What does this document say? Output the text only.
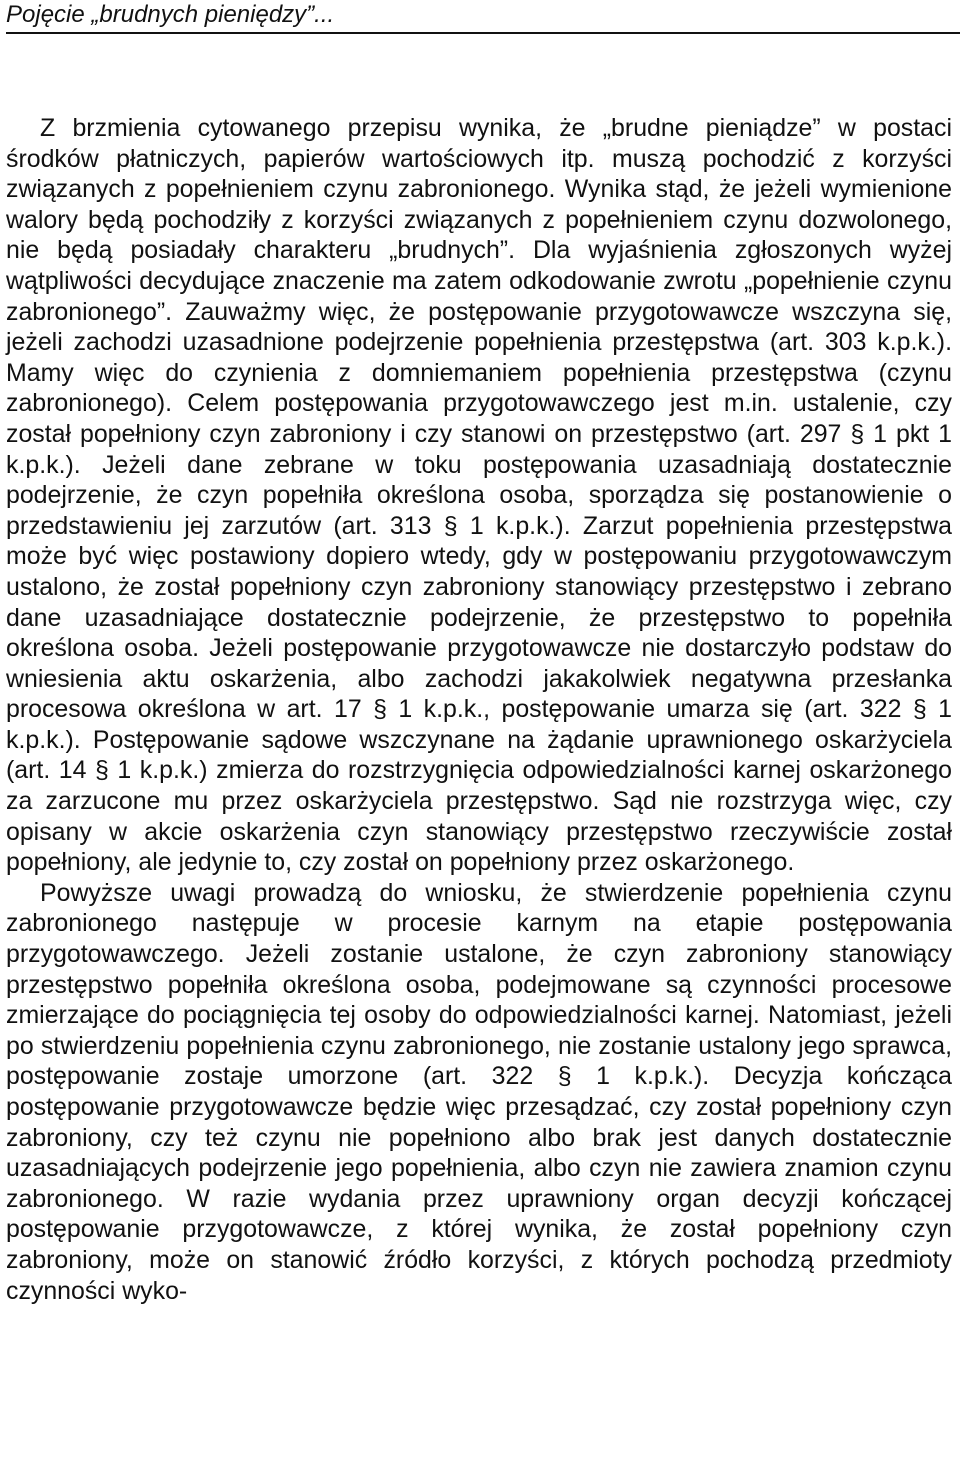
Pojęcie „brudnych pieniędzy”...

Z brzmienia cytowanego przepisu wynika, że „brudne pieniądze” w postaci środków płatniczych, papierów wartościowych itp. muszą pochodzić z korzyści związanych z popełnieniem czynu zabronionego. Wynika stąd, że jeżeli wymienione walory będą pochodziły z korzyści związanych z popełnieniem czynu dozwolonego, nie będą posiadały charakteru „brudnych”. Dla wyjaśnienia zgłoszonych wyżej wątpliwości decydujące znaczenie ma zatem odkodowanie zwrotu „popełnienie czynu zabronionego”. Zauważmy więc, że postępowanie przygotowawcze wszczyna się, jeżeli zachodzi uzasadnione podejrzenie popełnienia przestępstwa (art. 303 k.p.k.). Mamy więc do czynienia z domniemaniem popełnienia przestępstwa (czynu zabronionego). Celem postępowania przygotowawczego jest m.in. ustalenie, czy został popełniony czyn zabroniony i czy stanowi on przestępstwo (art. 297 § 1 pkt 1 k.p.k.). Jeżeli dane zebrane w toku postępowania uzasadniają dostatecznie podejrzenie, że czyn popełniła określona osoba, sporządza się postanowienie o przedstawieniu jej zarzutów (art. 313 § 1 k.p.k.). Zarzut popełnienia przestępstwa może być więc postawiony dopiero wtedy, gdy w postępowaniu przygotowawczym ustalono, że został popełniony czyn zabroniony stanowiący przestępstwo i zebrano dane uzasadniające dostatecznie podejrzenie, że przestępstwo to popełniła określona osoba. Jeżeli postępowanie przygotowawcze nie dostarczyło podstaw do wniesienia aktu oskarżenia, albo zachodzi jakakolwiek negatywna przesłanka procesowa określona w art. 17 § 1 k.p.k., postępowanie umarza się (art. 322 § 1 k.p.k.). Postępowanie sądowe wszczynane na żądanie uprawnionego oskarżyciela (art. 14 § 1 k.p.k.) zmierza do rozstrzygnięcia odpowiedzialności karnej oskarżonego za zarzucone mu przez oskarżyciela przestępstwo. Sąd nie rozstrzyga więc, czy opisany w akcie oskarżenia czyn stanowiący przestępstwo rzeczywiście został popełniony, ale jedynie to, czy został on popełniony przez oskarżonego.

Powyższe uwagi prowadzą do wniosku, że stwierdzenie popełnienia czynu zabronionego następuje w procesie karnym na etapie postępowania przygotowawczego. Jeżeli zostanie ustalone, że czyn zabroniony stanowiący przestępstwo popełniła określona osoba, podejmowane są czynności procesowe zmierzające do pociągnięcia tej osoby do odpowiedzialności karnej. Natomiast, jeżeli po stwierdzeniu popełnienia czynu zabronionego, nie zostanie ustalony jego sprawca, postępowanie zostaje umorzone (art. 322 § 1 k.p.k.). Decyzja kończąca postępowanie przygotowawcze będzie więc przesądzać, czy został popełniony czyn zabroniony, czy też czynu nie popełniono albo brak jest danych dostatecznie uzasadniających podejrzenie jego popełnienia, albo czyn nie zawiera znamion czynu zabronionego. W razie wydania przez uprawniony organ decyzji kończącej postępowanie przygotowawcze, z której wynika, że został popełniony czyn zabroniony, może on stanowić źródło korzyści, z których pochodzą przedmioty czynności wyko-
